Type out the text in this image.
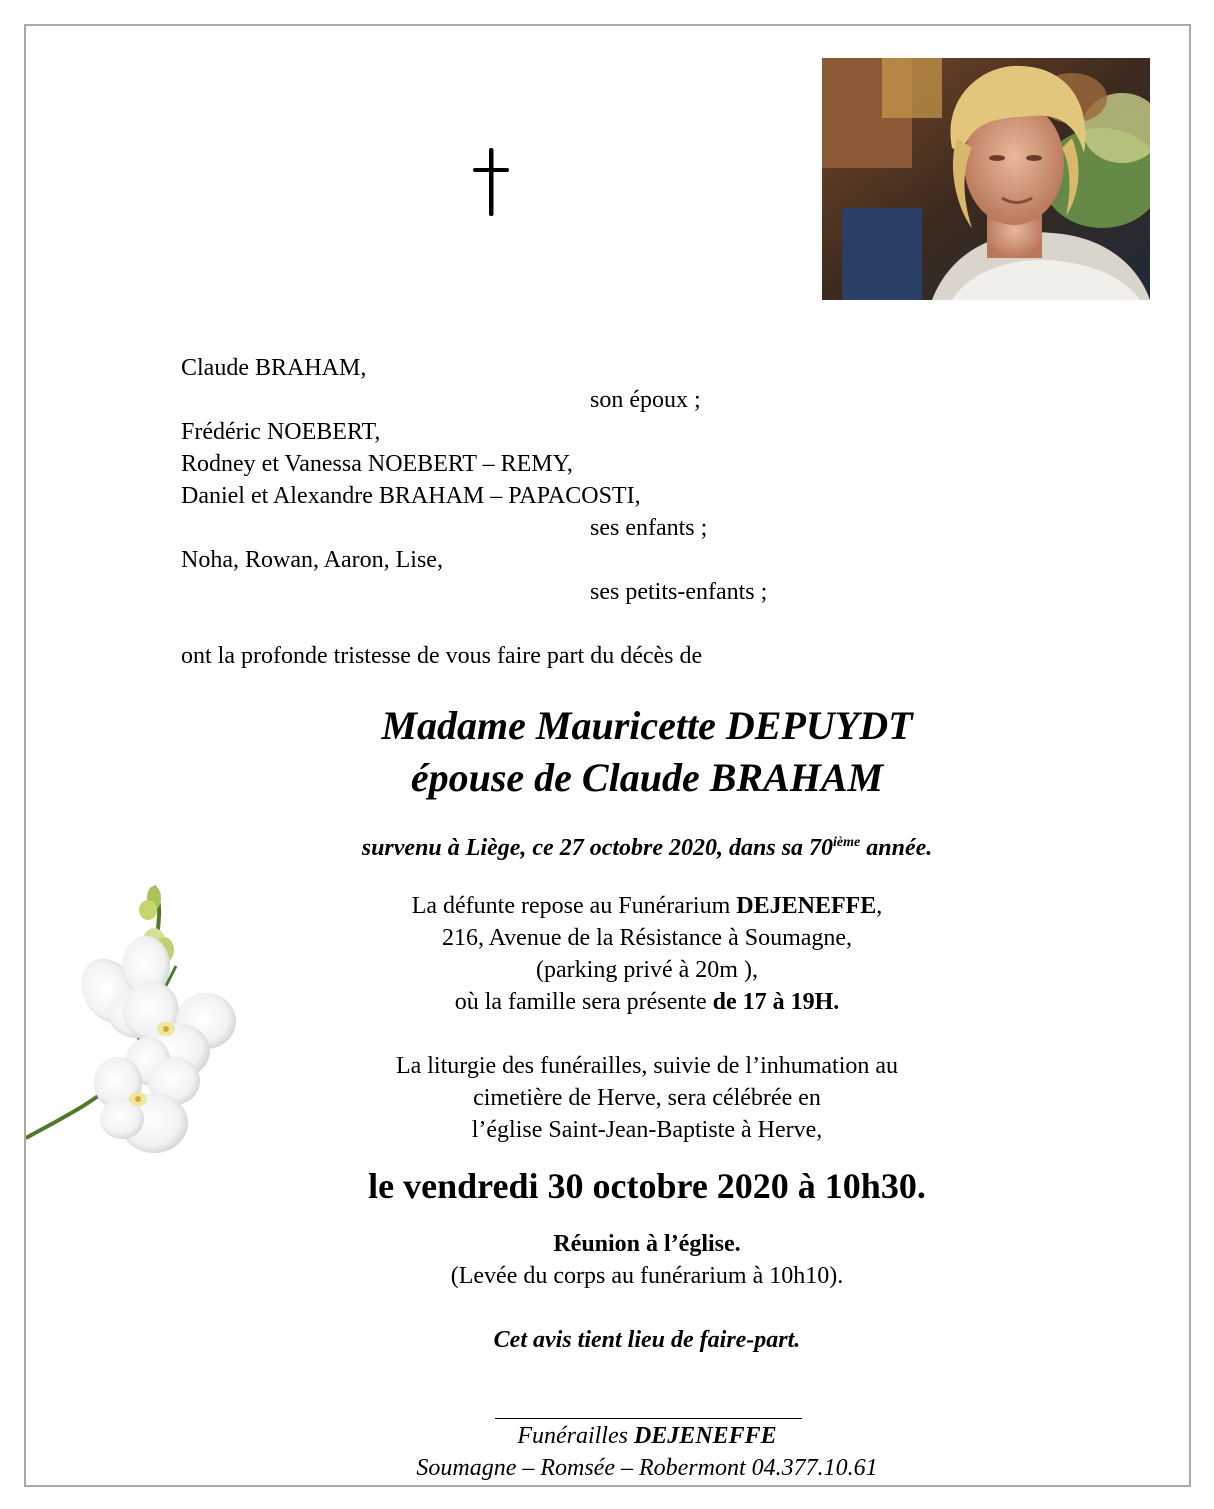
Claude BRAHAM,
son époux ;
Frédéric NOEBERT,
Rodney et Vanessa NOEBERT – REMY,
Daniel et Alexandre BRAHAM – PAPACOSTI,
ses enfants ;
Noha, Rowan, Aaron, Lise,
ses petits-enfants ;
ont la profonde tristesse de vous faire part du décès de
Madame Mauricette DEPUYDT
épouse de Claude BRAHAM
survenu à Liège, ce 27 octobre 2020, dans sa 70ième année.
La défunte repose au Funérarium DEJENEFFE,
216, Avenue de la Résistance à Soumagne,
(parking privé à 20m ),
où la famille sera présente de 17 à 19H.
La liturgie des funérailles, suivie de l’inhumation au
cimetière de Herve, sera célébrée en
l’église Saint-Jean-Baptiste à Herve,
le vendredi 30 octobre 2020 à 10h30.
Réunion à l’église.
(Levée du corps au funérarium à 10h10).
Cet avis tient lieu de faire-part.
Funérailles DEJENEFFE
Soumagne – Romsée – Robermont 04.377.10.61
